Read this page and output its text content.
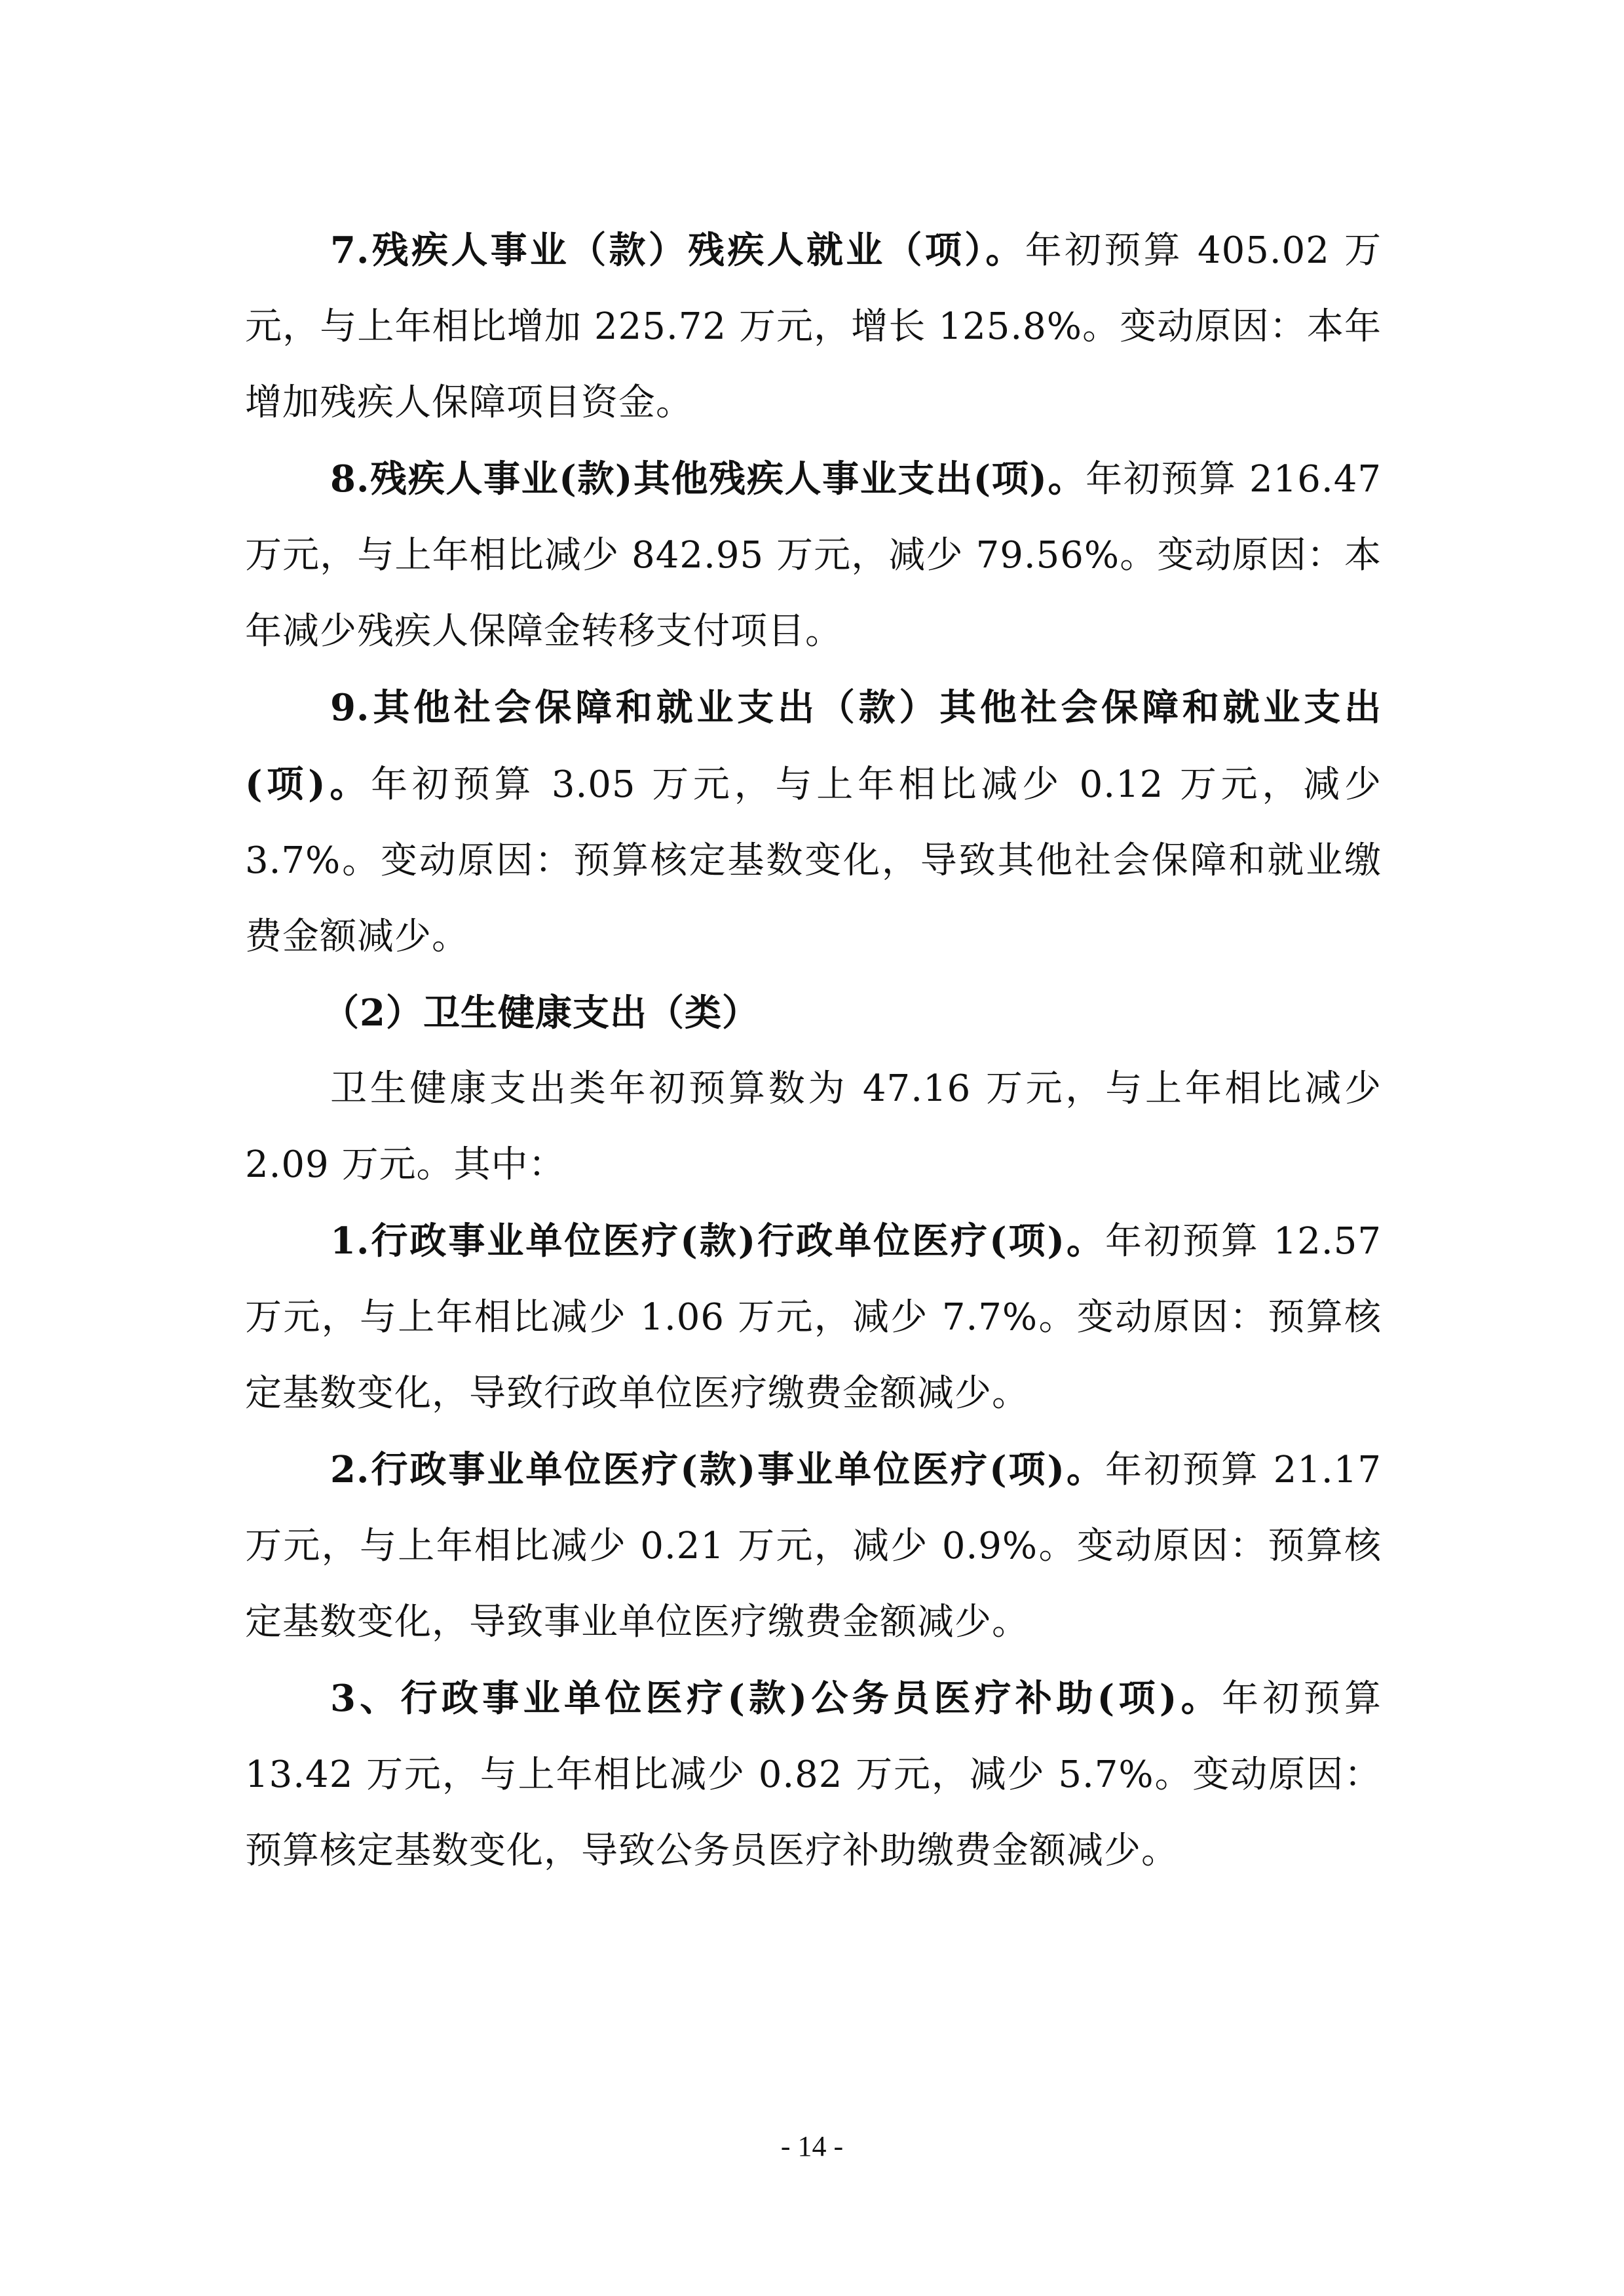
7.残疾人事业（款）残疾人就业（项）。年初预算 405.02 万元，与上年相比增加 225.72 万元，增长 125.8%。变动原因：本年增加残疾人保障项目资金。

8.残疾人事业(款)其他残疾人事业支出(项)。年初预算 216.47 万元，与上年相比减少 842.95 万元，减少 79.56%。变动原因：本年减少残疾人保障金转移支付项目。

9.其他社会保障和就业支出（款）其他社会保障和就业支出(项)。年初预算 3.05 万元，与上年相比减少 0.12 万元，减少 3.7%。变动原因：预算核定基数变化，导致其他社会保障和就业缴费金额减少。

（2）卫生健康支出（类）

卫生健康支出类年初预算数为 47.16 万元，与上年相比减少 2.09 万元。其中：

1.行政事业单位医疗(款)行政单位医疗(项)。年初预算 12.57 万元，与上年相比减少 1.06 万元，减少 7.7%。变动原因：预算核定基数变化，导致行政单位医疗缴费金额减少。

2.行政事业单位医疗(款)事业单位医疗(项)。年初预算 21.17 万元，与上年相比减少 0.21 万元，减少 0.9%。变动原因：预算核定基数变化，导致事业单位医疗缴费金额减少。

3、行政事业单位医疗(款)公务员医疗补助(项)。年初预算 13.42 万元，与上年相比减少 0.82 万元，减少 5.7%。变动原因：预算核定基数变化，导致公务员医疗补助缴费金额减少。

- 14 -
